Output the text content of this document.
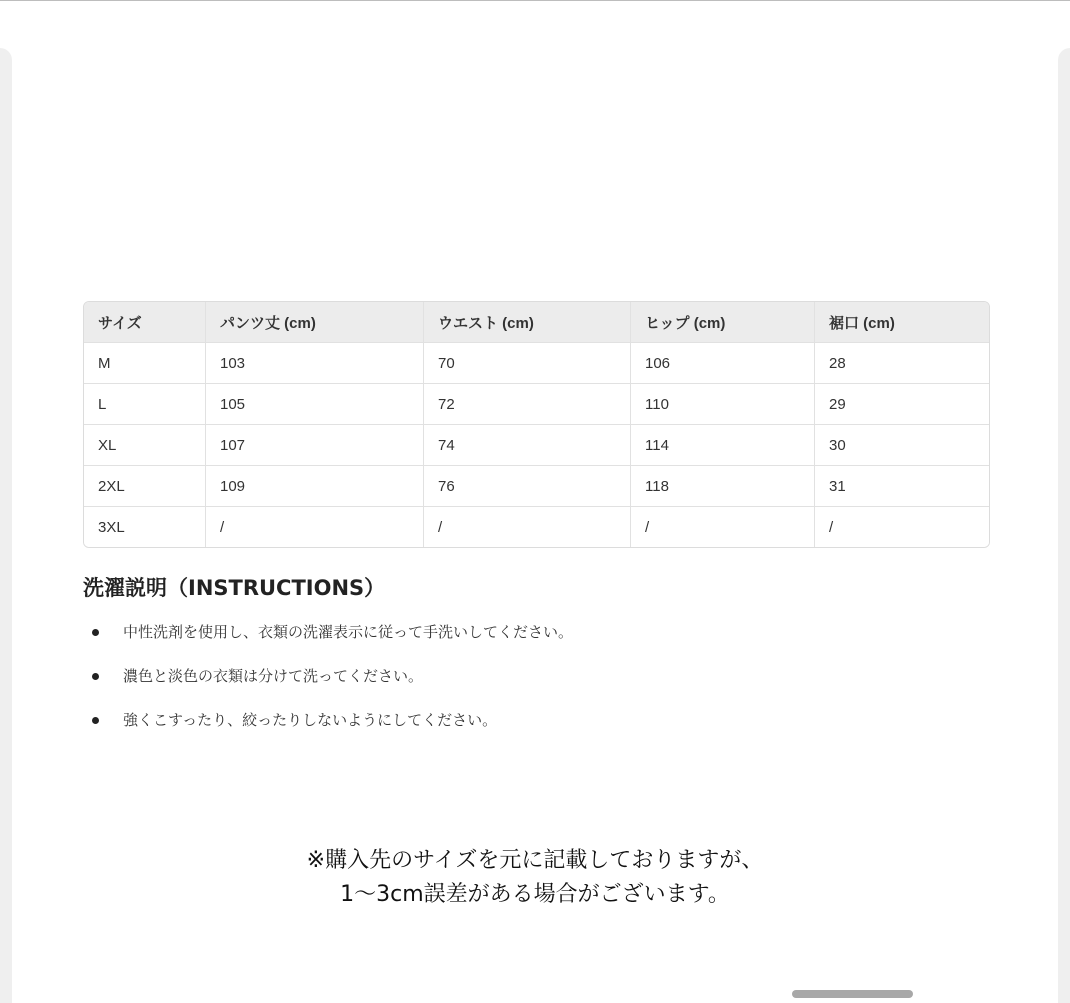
サイズ	パンツ丈 (cm)	ウエスト (cm)	ヒップ (cm)	裾口 (cm)
M	103	70	106	28
L	105	72	110	29
XL	107	74	114	30
2XL	109	76	118	31
3XL	/	/	/	/
洗濯説明（INSTRUCTIONS）
中性洗剤を使用し、衣類の洗濯表示に従って手洗いしてください。
濃色と淡色の衣類は分けて洗ってください。
強くこすったり、絞ったりしないようにしてください。
※購入先のサイズを元に記載しておりますが、
1～3cm誤差がある場合がございます。
